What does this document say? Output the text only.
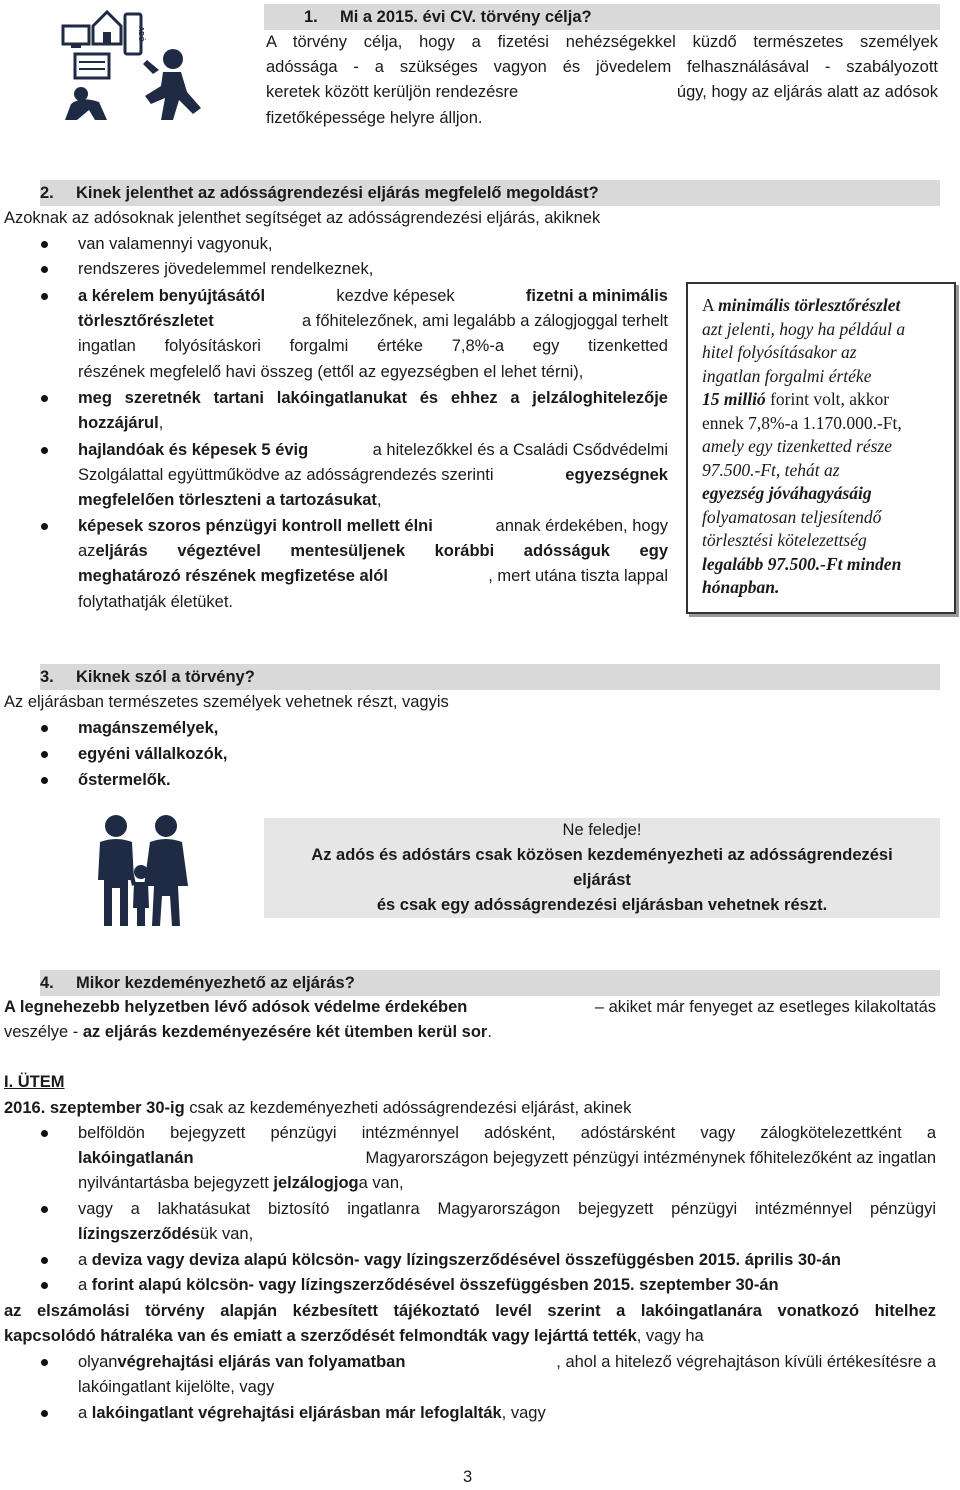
ADÓ
1. Mi a 2015. évi CV. törvény célja?
A törvény célja, hogy a fizetési nehézségekkel küzdő természetes személyek
adóssága - a szükséges vagyon és jövedelem felhasználásával - szabályozott
keretek között kerüljön rendezésre	úgy, hogy az eljárás alatt az adósok
fizetőképessége helyre álljon.
2. Kinek jelenthet az adósságrendezési eljárás megfelelő megoldást?
Azoknak az adósoknak jelenthet segítséget az adósságrendezési eljárás, akiknek
van valamennyi vagyonuk,
rendszeres jövedelemmel rendelkeznek,
a kérelem benyújtásától	kezdve képesek	fizetni a minimális
törlesztőrészletet	a főhitelezőnek, ami legalább a zálogjoggal terhelt
ingatlan folyósításkori forgalmi értéke 7,8%-a egy tizenketted
részének megfelelő havi összeg (ettől az egyezségben el lehet térni),
meg szeretnék tartani lakóingatlanukat és ehhez a jelzáloghitelezője
hozzájárul,
hajlandóak és képesek 5 évig	a hitelezőkkel és a Családi Csődvédelmi
Szolgálattal együttműködve az adósságrendezés szerinti	egyezségnek
megfelelően törleszteni a tartozásukat,
képesek szoros pénzügyi kontroll mellett élni	annak érdekében, hogy
az eljárás végeztével mentesüljenek korábbi adósságuk egy
meghatározó részének megfizetése alól	, mert utána tiszta lappal
folytathatják életüket.
A minimális törlesztőrészlet
azt jelenti, hogy ha például a
hitel folyósításakor az
ingatlan forgalmi értéke
15 millió forint volt, akkor
ennek 7,8%-a 1.170.000.-Ft,
amely egy tizenketted része
97.500.-Ft, tehát az
egyezség jóváhagyásáig
folyamatosan teljesítendő
törlesztési kötelezettség
legalább 97.500.-Ft minden
hónapban.
3. Kiknek szól a törvény?
Az eljárásban természetes személyek vehetnek részt, vagyis
magánszemélyek,
egyéni vállalkozók,
őstermelők.
Ne feledje!
Az adós és adóstárs csak közösen kezdeményezheti az adósságrendezési
eljárást
és csak egy adósságrendezési eljárásban vehetnek részt.
4. Mikor kezdeményezhető az eljárás?
A legnehezebb helyzetben lévő adósok védelme érdekében	– akiket már fenyeget az esetleges kilakoltatás
veszélye - az eljárás kezdeményezésére két ütemben kerül sor.
I. ÜTEM
2016. szeptember 30-ig csak az kezdeményezheti adósságrendezési eljárást, akinek
belföldön bejegyzett pénzügyi intézménnyel adósként, adóstársként vagy zálogkötelezettként a
lakóingatlanán	Magyarországon bejegyzett pénzügyi intézménynek főhitelezőként az ingatlan
nyilvántartásba bejegyzett jelzálogjoga van,
vagy a lakhatásukat biztosító ingatlanra Magyarországon bejegyzett pénzügyi intézménnyel pénzügyi
lízingszerződésük van,
a deviza vagy deviza alapú kölcsön- vagy lízingszerződésével összefüggésben 2015. április 30-án
a forint alapú kölcsön- vagy lízingszerződésével összefüggésben 2015. szeptember 30-án
az elszámolási törvény alapján kézbesített tájékoztató levél szerint a lakóingatlanára vonatkozó hitelhez
kapcsolódó hátraléka van és emiatt a szerződését felmondták vagy lejárttá tették, vagy ha
olyan végrehajtási eljárás van folyamatban	, ahol a hitelező végrehajtáson kívüli értékesítésre a
lakóingatlant kijelölte, vagy
a lakóingatlant végrehajtási eljárásban már lefoglalták, vagy
3
